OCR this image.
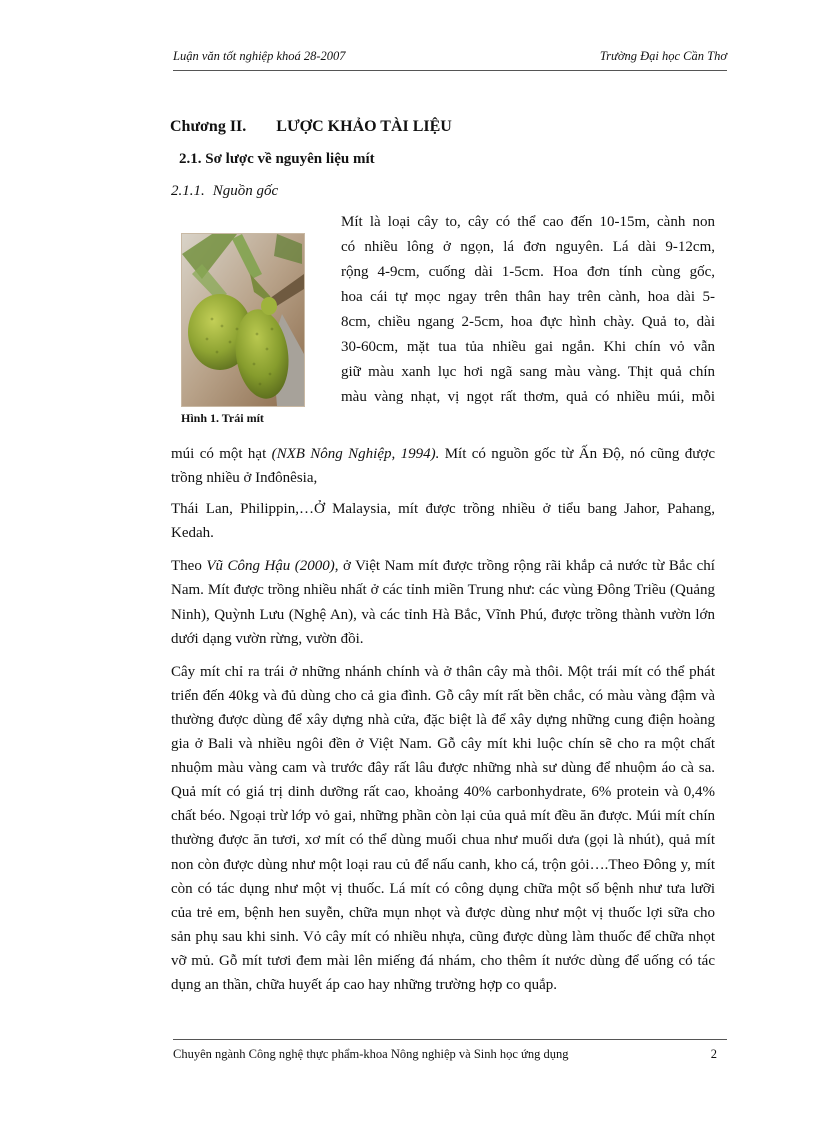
Luận văn tốt nghiệp khoá 28-2007	Trường Đại học Cần Thơ
Chương II. LƯỢC KHẢO TÀI LIỆU
2.1. Sơ lược về nguyên liệu mít
2.1.1. Nguồn gốc
Hình 1. Trái mít
Mít là loại cây to, cây có thể cao đến 10-15m, cành non
có nhiều lông ở ngọn, lá đơn nguyên. Lá dài 9-12cm,
rộng 4-9cm, cuống dài 1-5cm. Hoa đơn tính cùng gốc,
hoa cái tự mọc ngay trên thân hay trên cành, hoa dài 5-
8cm, chiều ngang 2-5cm, hoa đực hình chày. Quả to, dài
30-60cm, mặt tua tủa nhiều gai ngắn. Khi chín vỏ vẫn
giữ màu xanh lục hơi ngã sang màu vàng. Thịt quả chín
màu vàng nhạt, vị ngọt rất thơm, quả có nhiều múi, mỗi

múi có một hạt (NXB Nông Nghiệp, 1994). Mít có nguồn gốc từ Ấn Độ, nó cũng được trồng nhiều ở Inđônêsia,

Thái Lan, Philippin,…Ở Malaysia, mít được trồng nhiều ở tiểu bang Jahor, Pahang, Kedah.

Theo Vũ Công Hậu (2000), ở Việt Nam mít được trồng rộng rãi khắp cả nước từ Bắc chí Nam. Mít được trồng nhiều nhất ở các tỉnh miền Trung như: các vùng Đông Triều (Quảng Ninh), Quỳnh Lưu (Nghệ An), và các tỉnh Hà Bắc, Vĩnh Phú, được trồng thành vườn lớn dưới dạng vườn rừng, vườn đồi.

Cây mít chỉ ra trái ở những nhánh chính và ở thân cây mà thôi. Một trái mít có thể phát triển đến 40kg và đủ dùng cho cả gia đình. Gỗ cây mít rất bền chắc, có màu vàng đậm và thường được dùng để xây dựng nhà cửa, đặc biệt là để xây dựng những cung điện hoàng gia ở Bali và nhiều ngôi đền ở Việt Nam. Gỗ cây mít khi luộc chín sẽ cho ra một chất nhuộm màu vàng cam và trước đây rất lâu được những nhà sư dùng để nhuộm áo cà sa. Quả mít có giá trị dinh dưỡng rất cao, khoảng 40% carbonhydrate, 6% protein và 0,4% chất béo. Ngoại trừ lớp vỏ gai, những phần còn lại của quả mít đều ăn được. Múi mít chín thường được ăn tươi, xơ mít có thể dùng muối chua như muối dưa (gọi là nhút), quả mít non còn được dùng như một loại rau củ để nấu canh, kho cá, trộn gỏi….Theo Đông y, mít còn có tác dụng như một vị thuốc. Lá mít có công dụng chữa một số bệnh như tưa lưỡi của trẻ em, bệnh hen suyễn, chữa mụn nhọt và được dùng như một vị thuốc lợi sữa cho sản phụ sau khi sinh. Vỏ cây mít có nhiều nhựa, cũng được dùng làm thuốc để chữa nhọt vỡ mủ. Gỗ mít tươi đem mài lên miếng đá nhám, cho thêm ít nước dùng để uống có tác dụng an thần, chữa huyết áp cao hay những trường hợp co quắp.

Chuyên ngành Công nghệ thực phẩm-khoa Nông nghiệp và Sinh học ứng dụng	2
